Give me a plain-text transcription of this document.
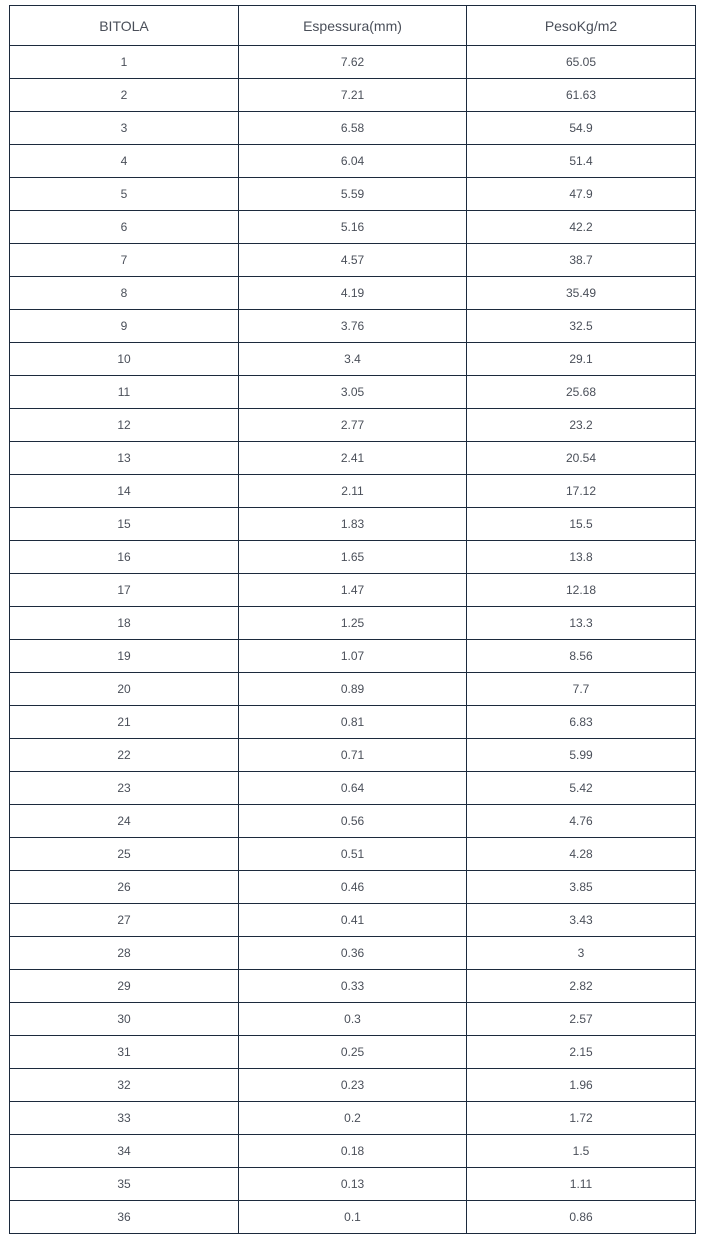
BITOLA	Espessura(mm)	PesoKg/m2
1	7.62	65.05
2	7.21	61.63
3	6.58	54.9
4	6.04	51.4
5	5.59	47.9
6	5.16	42.2
7	4.57	38.7
8	4.19	35.49
9	3.76	32.5
10	3.4	29.1
11	3.05	25.68
12	2.77	23.2
13	2.41	20.54
14	2.11	17.12
15	1.83	15.5
16	1.65	13.8
17	1.47	12.18
18	1.25	13.3
19	1.07	8.56
20	0.89	7.7
21	0.81	6.83
22	0.71	5.99
23	0.64	5.42
24	0.56	4.76
25	0.51	4.28
26	0.46	3.85
27	0.41	3.43
28	0.36	3
29	0.33	2.82
30	0.3	2.57
31	0.25	2.15
32	0.23	1.96
33	0.2	1.72
34	0.18	1.5
35	0.13	1.11
36	0.1	0.86
